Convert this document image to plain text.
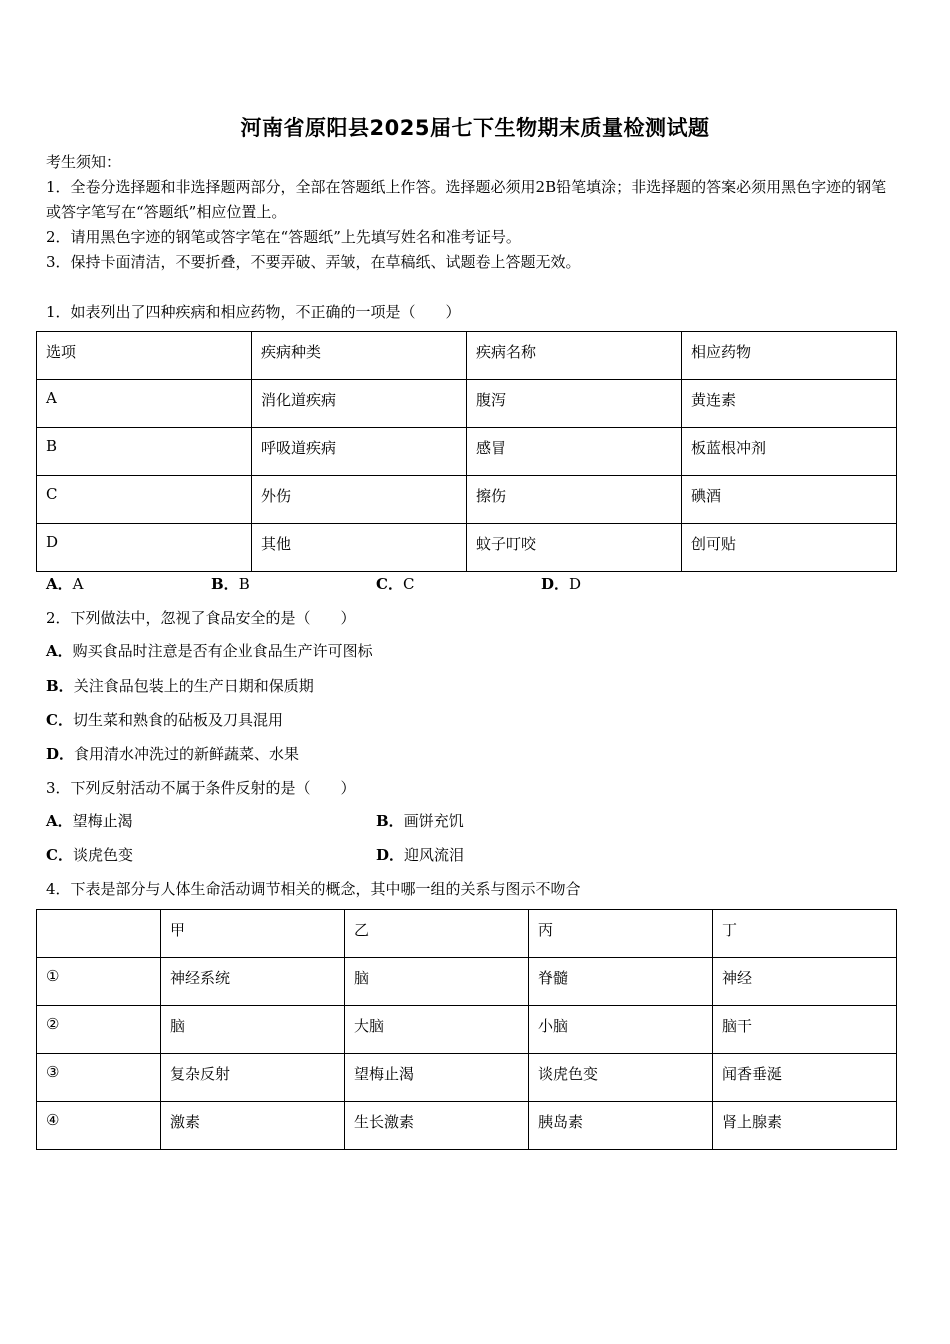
河南省原阳县2025届七下生物期末质量检测试题
考生须知：
1．全卷分选择题和非选择题两部分，全部在答题纸上作答。选择题必须用2B铅笔填涂；非选择题的答案必须用黑色字迹的钢笔或答字笔写在“答题纸”相应位置上。
2．请用黑色字迹的钢笔或答字笔在“答题纸”上先填写姓名和准考证号。
3．保持卡面清洁，不要折叠，不要弄破、弄皱，在草稿纸、试题卷上答题无效。
1．如表列出了四种疾病和相应药物，不正确的一项是（　　）
选项	疾病种类	疾病名称	相应药物
A	消化道疾病	腹泻	黄连素
B	呼吸道疾病	感冒	板蓝根冲剂
C	外伤	擦伤	碘酒
D	其他	蚊子叮咬	创可贴
A．A	B．B	C．C	D．D
2．下列做法中，忽视了食品安全的是（　　）
A．购买食品时注意是否有企业食品生产许可图标
B．关注食品包装上的生产日期和保质期
C．切生菜和熟食的砧板及刀具混用
D．食用清水冲洗过的新鲜蔬菜、水果
3．下列反射活动不属于条件反射的是（　　）
A．望梅止渴	B．画饼充饥
C．谈虎色变	D．迎风流泪
4．下表是部分与人体生命活动调节相关的概念，其中哪一组的关系与图示不吻合
	甲	乙	丙	丁
①	神经系统	脑	脊髓	神经
②	脑	大脑	小脑	脑干
③	复杂反射	望梅止渴	谈虎色变	闻香垂涎
④	激素	生长激素	胰岛素	肾上腺素
